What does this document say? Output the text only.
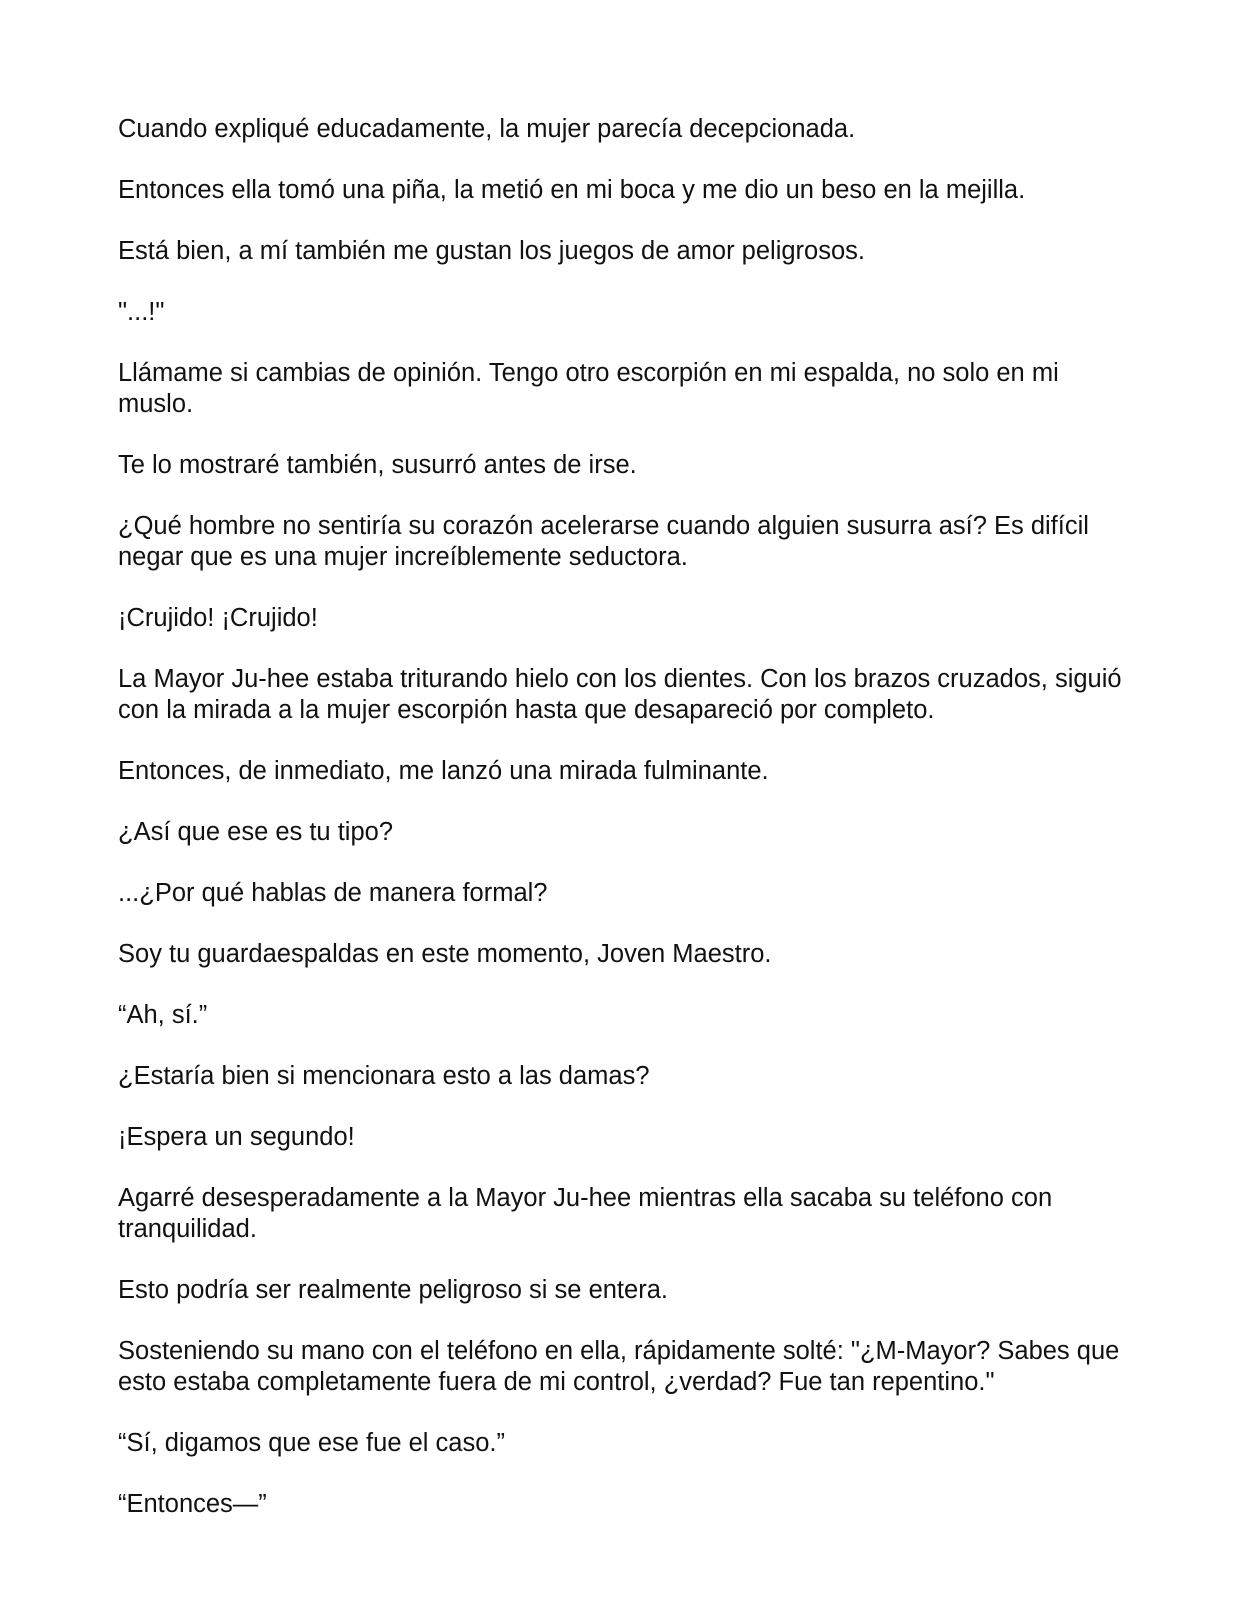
Cuando expliqué educadamente, la mujer parecía decepcionada.

Entonces ella tomó una piña, la metió en mi boca y me dio un beso en la mejilla.

Está bien, a mí también me gustan los juegos de amor peligrosos.

"...!"

Llámame si cambias de opinión. Tengo otro escorpión en mi espalda, no solo en mi muslo.

Te lo mostraré también, susurró antes de irse.

¿Qué hombre no sentiría su corazón acelerarse cuando alguien susurra así? Es difícil negar que es una mujer increíblemente seductora.

¡Crujido! ¡Crujido!

La Mayor Ju-hee estaba triturando hielo con los dientes. Con los brazos cruzados, siguió con la mirada a la mujer escorpión hasta que desapareció por completo.

Entonces, de inmediato, me lanzó una mirada fulminante.

¿Así que ese es tu tipo?

...¿Por qué hablas de manera formal?

Soy tu guardaespaldas en este momento, Joven Maestro.

“Ah, sí.”

¿Estaría bien si mencionara esto a las damas?

¡Espera un segundo!

Agarré desesperadamente a la Mayor Ju-hee mientras ella sacaba su teléfono con tranquilidad.

Esto podría ser realmente peligroso si se entera.

Sosteniendo su mano con el teléfono en ella, rápidamente solté: "¿M-Mayor? Sabes que esto estaba completamente fuera de mi control, ¿verdad? Fue tan repentino."

“Sí, digamos que ese fue el caso.”

“Entonces—”
